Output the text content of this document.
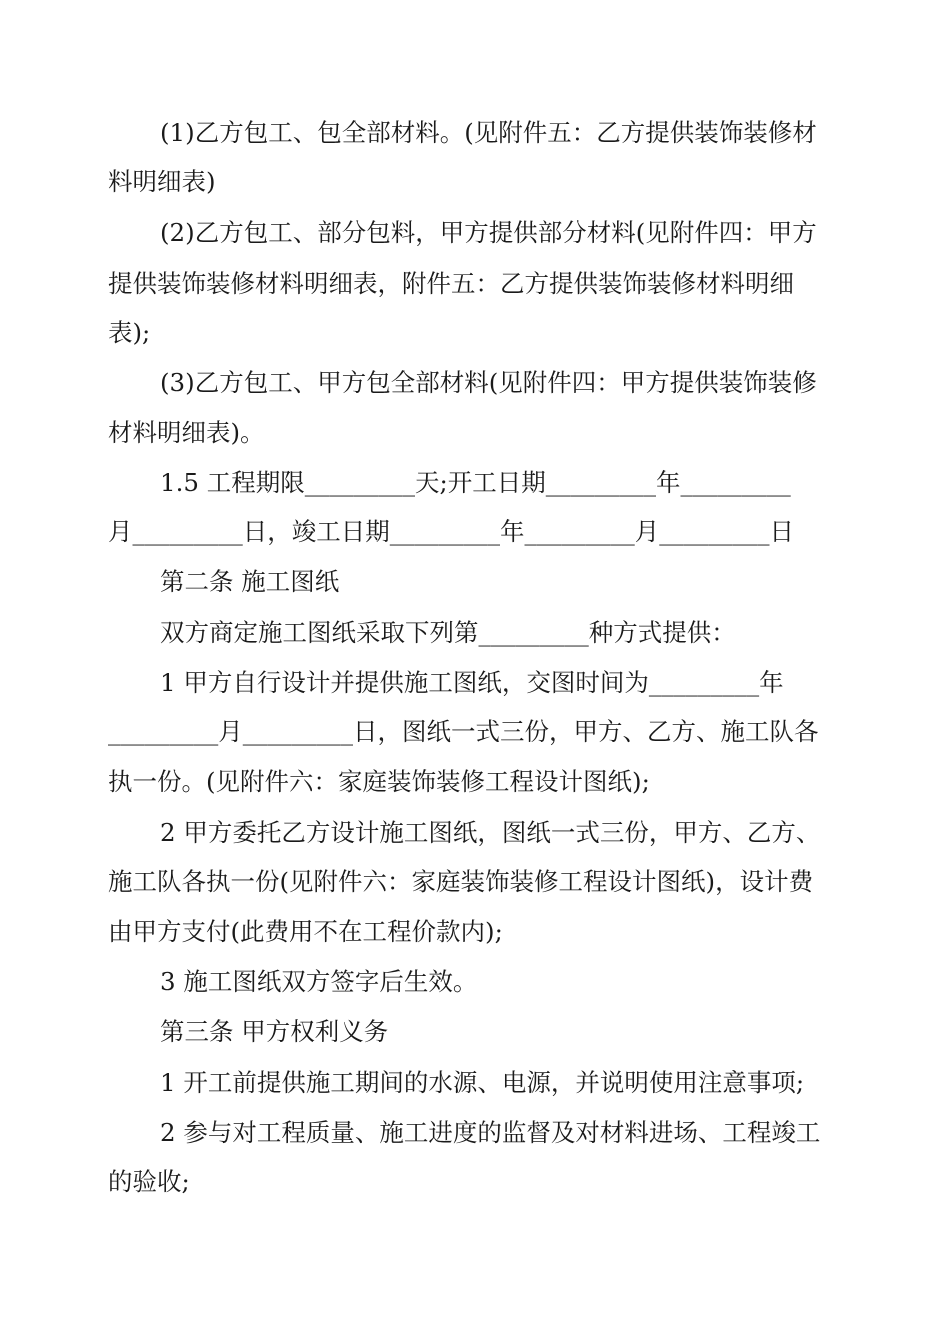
(1)乙方包工、包全部材料。(见附件五：乙方提供装饰装修材
料明细表)
(2)乙方包工、部分包料，甲方提供部分材料(见附件四：甲方
提供装饰装修材料明细表，附件五：乙方提供装饰装修材料明细
表);
(3)乙方包工、甲方包全部材料(见附件四：甲方提供装饰装修
材料明细表)。
1.5 工程期限_________天;开工日期_________年_________
月_________日，竣工日期_________年_________月_________日
第二条 施工图纸
双方商定施工图纸采取下列第_________种方式提供：
1 甲方自行设计并提供施工图纸，交图时间为_________年
_________月_________日，图纸一式三份，甲方、乙方、施工队各
执一份。(见附件六：家庭装饰装修工程设计图纸);
2 甲方委托乙方设计施工图纸，图纸一式三份，甲方、乙方、
施工队各执一份(见附件六：家庭装饰装修工程设计图纸)，设计费
由甲方支付(此费用不在工程价款内);
3 施工图纸双方签字后生效。
第三条 甲方权利义务
1 开工前提供施工期间的水源、电源，并说明使用注意事项;
2 参与对工程质量、施工进度的监督及对材料进场、工程竣工
的验收;
